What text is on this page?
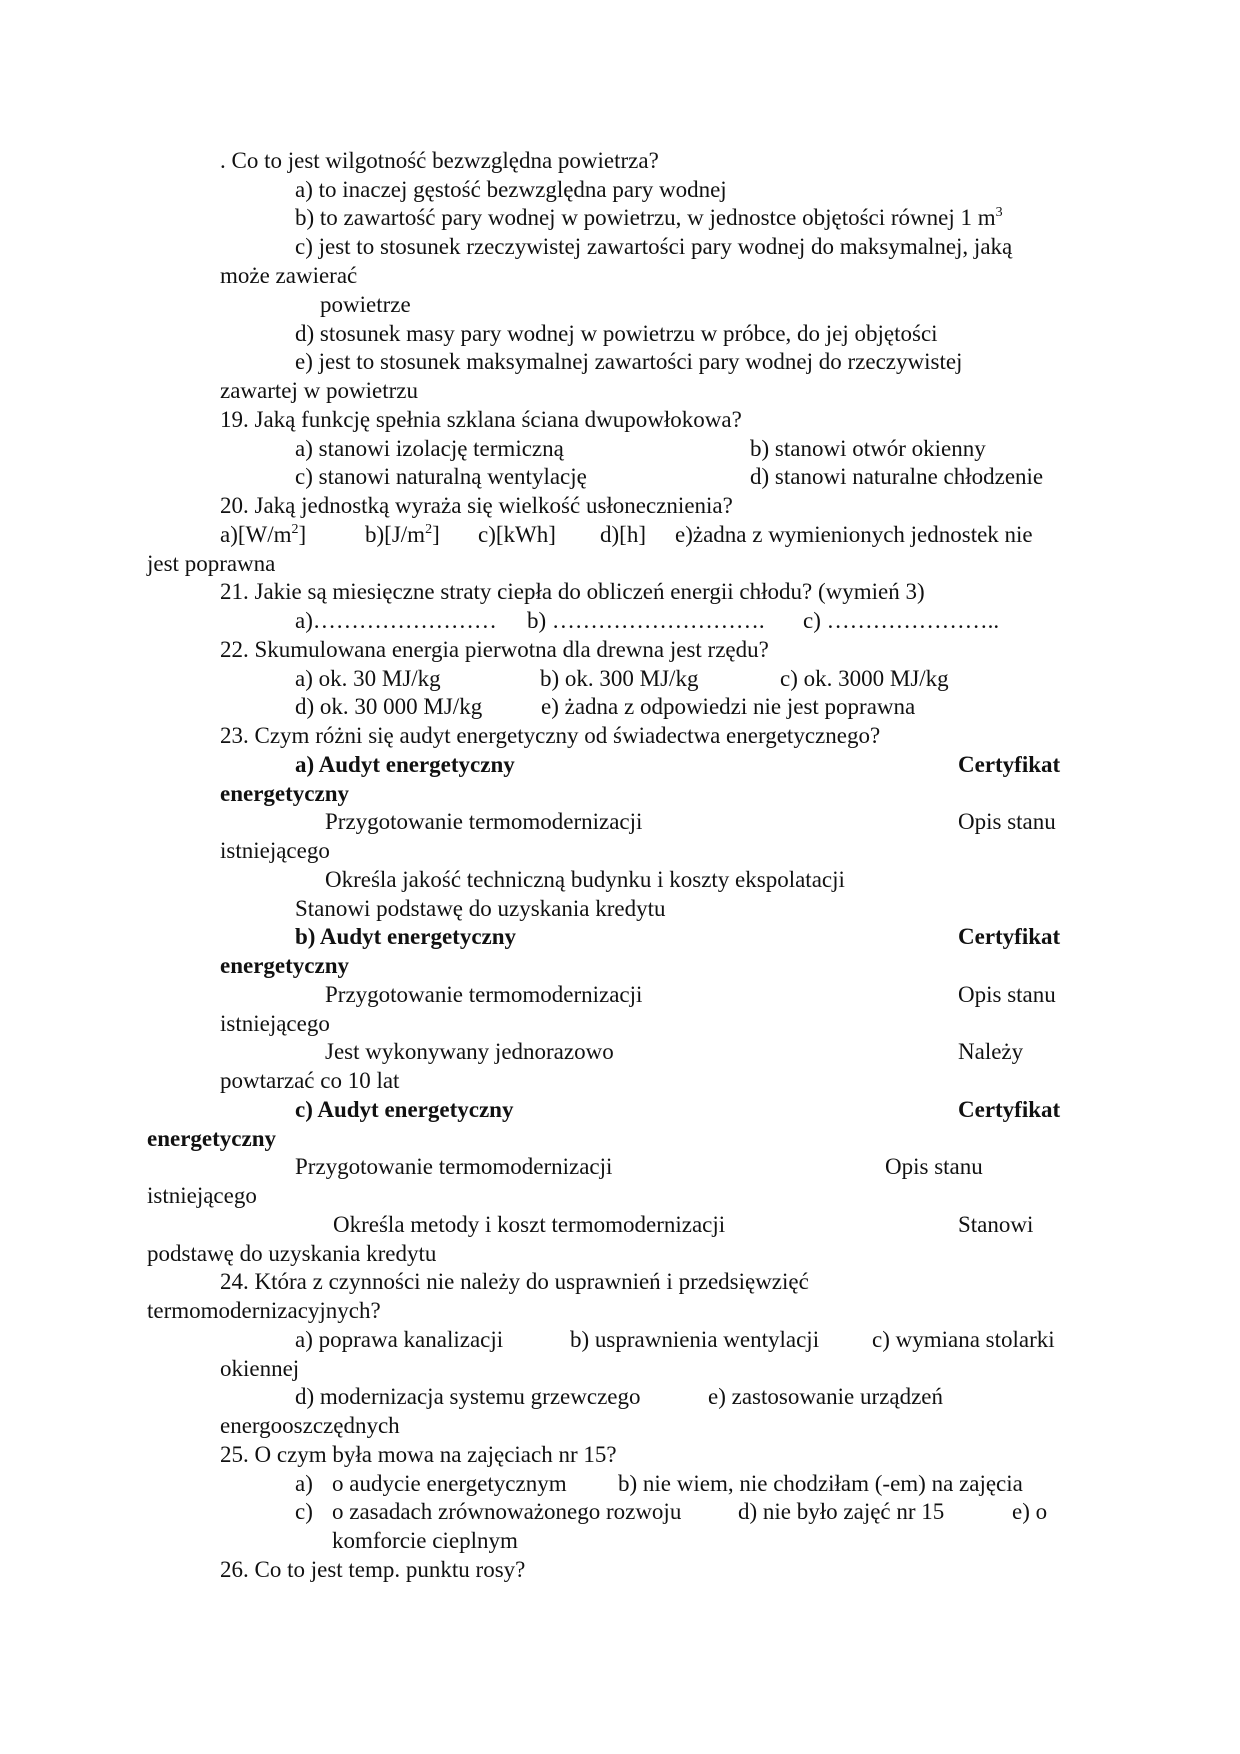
. Co to jest wilgotność bezwzględna powietrza?
a) to inaczej gęstość bezwzględna pary wodnej
b) to zawartość pary wodnej w powietrzu, w jednostce objętości równej 1 $m^3$
c) jest to stosunek rzeczywistej zawartości pary wodnej do maksymalnej, jaką
może zawierać
powietrze
d) stosunek masy pary wodnej w powietrzu w próbce, do jej objętości
e) jest to stosunek maksymalnej zawartości pary wodnej do rzeczywistej
zawartej w powietrzu
19. Jaką funkcję spełnia szklana ściana dwupowłokowa?
a) stanowi izolację termiczną	b) stanowi otwór okienny
c) stanowi naturalną wentylację	d) stanowi naturalne chłodzenie
20. Jaką jednostką wyraża się wielkość usłonecznienia?
$a)[W/m^2]$	$b)[J/m^2]$ c)[kWh] d)[h] e)żadna z wymienionych jednostek nie
jest poprawna
21. Jakie są miesięczne straty ciepła do obliczeń energii chłodu? (wymień 3)
a)…………………… b) ………………………. c) …………………..
22. Skumulowana energia pierwotna dla drewna jest rzędu?
a) ok. 30 MJ/kg	b) ok. 300 MJ/kg	c) ok. 3000 MJ/kg
d) ok. 30 000 MJ/kg	e) żadna z odpowiedzi nie jest poprawna
23. Czym różni się audyt energetyczny od świadectwa energetycznego?
a) Audyt energetyczny	Certyfikat
energetyczny
Przygotowanie termomodernizacji	Opis stanu
istniejącego
Określa jakość techniczną budynku i koszty ekspolatacji
Stanowi podstawę do uzyskania kredytu
b) Audyt energetyczny	Certyfikat
energetyczny
Przygotowanie termomodernizacji	Opis stanu
istniejącego
Jest wykonywany jednorazowo	Należy
powtarzać co 10 lat
c) Audyt energetyczny	Certyfikat
energetyczny
Przygotowanie termomodernizacji	Opis stanu
istniejącego
Określa metody i koszt termomodernizacji	Stanowi
podstawę do uzyskania kredytu
24. Która z czynności nie należy do usprawnień i przedsięwzięć
termomodernizacyjnych?
a) poprawa kanalizacji	b) usprawnienia wentylacji c) wymiana stolarki
okiennej
d) modernizacja systemu grzewczego	e) zastosowanie urządzeń
energooszczędnych
25. O czym była mowa na zajęciach nr 15?
a) o audycie energetycznym b) nie wiem, nie chodziłam (-em) na zajęcia
c) o zasadach zrównoważonego rozwoju d) nie było zajęć nr 15	e) o
komforcie cieplnym
26. Co to jest temp. punktu rosy?
